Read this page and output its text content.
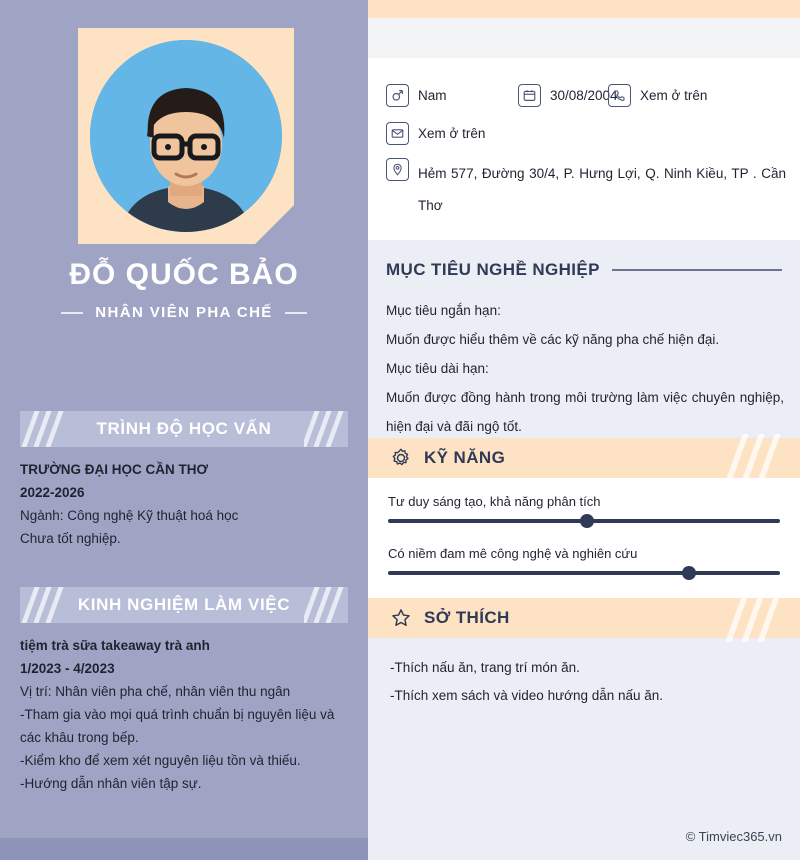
ĐỖ QUỐC BẢO
NHÂN VIÊN PHA CHẾ
TRÌNH ĐỘ HỌC VẤN

TRƯỜNG ĐẠI HỌC CẦN THƠ

2022-2026

Ngành: Công nghệ Kỹ thuật hoá học

Chưa tốt nghiệp.

KINH NGHIỆM LÀM VIỆC

tiệm trà sữa takeaway trà anh

1/2023 - 4/2023

Vị trí: Nhân viên pha chế, nhân viên thu ngân

-Tham gia vào mọi quá trình chuẩn bị nguyên liệu và các khâu trong bếp.

-Kiểm kho để xem xét nguyên liệu tồn và thiếu.

-Hướng dẫn nhân viên tập sự.

Nam	30/08/2004 Xem ở trên
Xem ở trên
Hẻm 577, Đường 30/4, P. Hưng Lợi, Q. Ninh Kiều, TP . Cần Thơ
MỤC TIÊU NGHỀ NGHIỆP

Mục tiêu ngắn hạn:

Muốn được hiểu thêm về các kỹ năng pha chế hiện đại.

Mục tiêu dài hạn:

Muốn được đồng hành trong môi trường làm việc chuyên nghiệp, hiện đại và đãi ngộ tốt.

KỸ NĂNG
Tư duy sáng tạo, khả năng phân tích
Có niềm đam mê công nghệ và nghiên cứu
SỞ THÍCH

-Thích nấu ăn, trang trí món ăn.

-Thích xem sách và video hướng dẫn nấu ăn.

© Timviec365.vn
